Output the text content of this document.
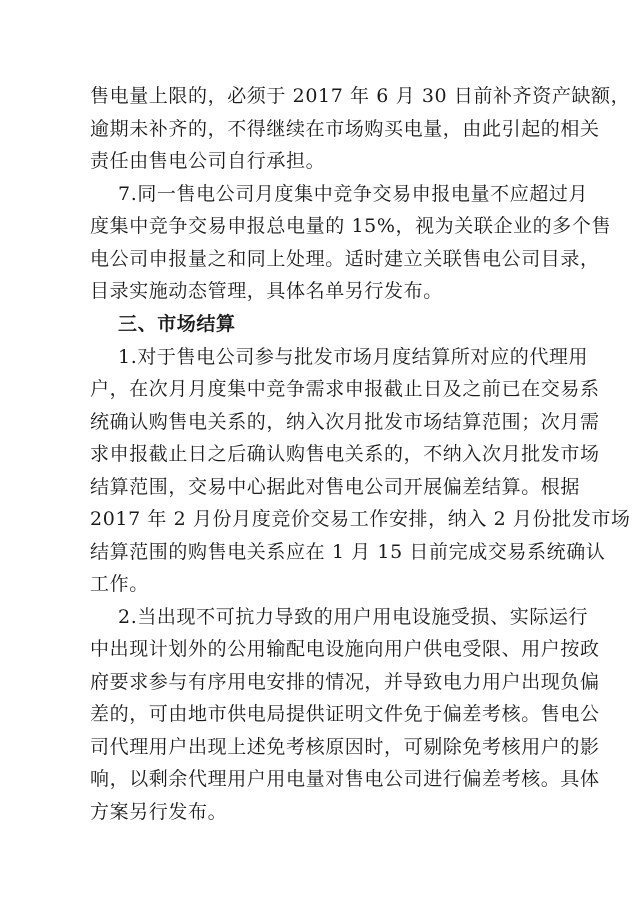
售电量上限的，必须于 2017 年 6 月 30 日前补齐资产缺额，
逾期未补齐的，不得继续在市场购买电量，由此引起的相关
责任由售电公司自行承担。
7.同一售电公司月度集中竞争交易申报电量不应超过月
度集中竞争交易申报总电量的 15%，视为关联企业的多个售
电公司申报量之和同上处理。适时建立关联售电公司目录，
目录实施动态管理，具体名单另行发布。
三、市场结算
1.对于售电公司参与批发市场月度结算所对应的代理用
户，在次月月度集中竞争需求申报截止日及之前已在交易系
统确认购售电关系的，纳入次月批发市场结算范围；次月需
求申报截止日之后确认购售电关系的，不纳入次月批发市场
结算范围，交易中心据此对售电公司开展偏差结算。根据
2017 年 2 月份月度竞价交易工作安排，纳入 2 月份批发市场
结算范围的购售电关系应在 1 月 15 日前完成交易系统确认
工作。
2.当出现不可抗力导致的用户用电设施受损、实际运行
中出现计划外的公用输配电设施向用户供电受限、用户按政
府要求参与有序用电安排的情况，并导致电力用户出现负偏
差的，可由地市供电局提供证明文件免于偏差考核。售电公
司代理用户出现上述免考核原因时，可剔除免考核用户的影
响，以剩余代理用户用电量对售电公司进行偏差考核。具体
方案另行发布。
